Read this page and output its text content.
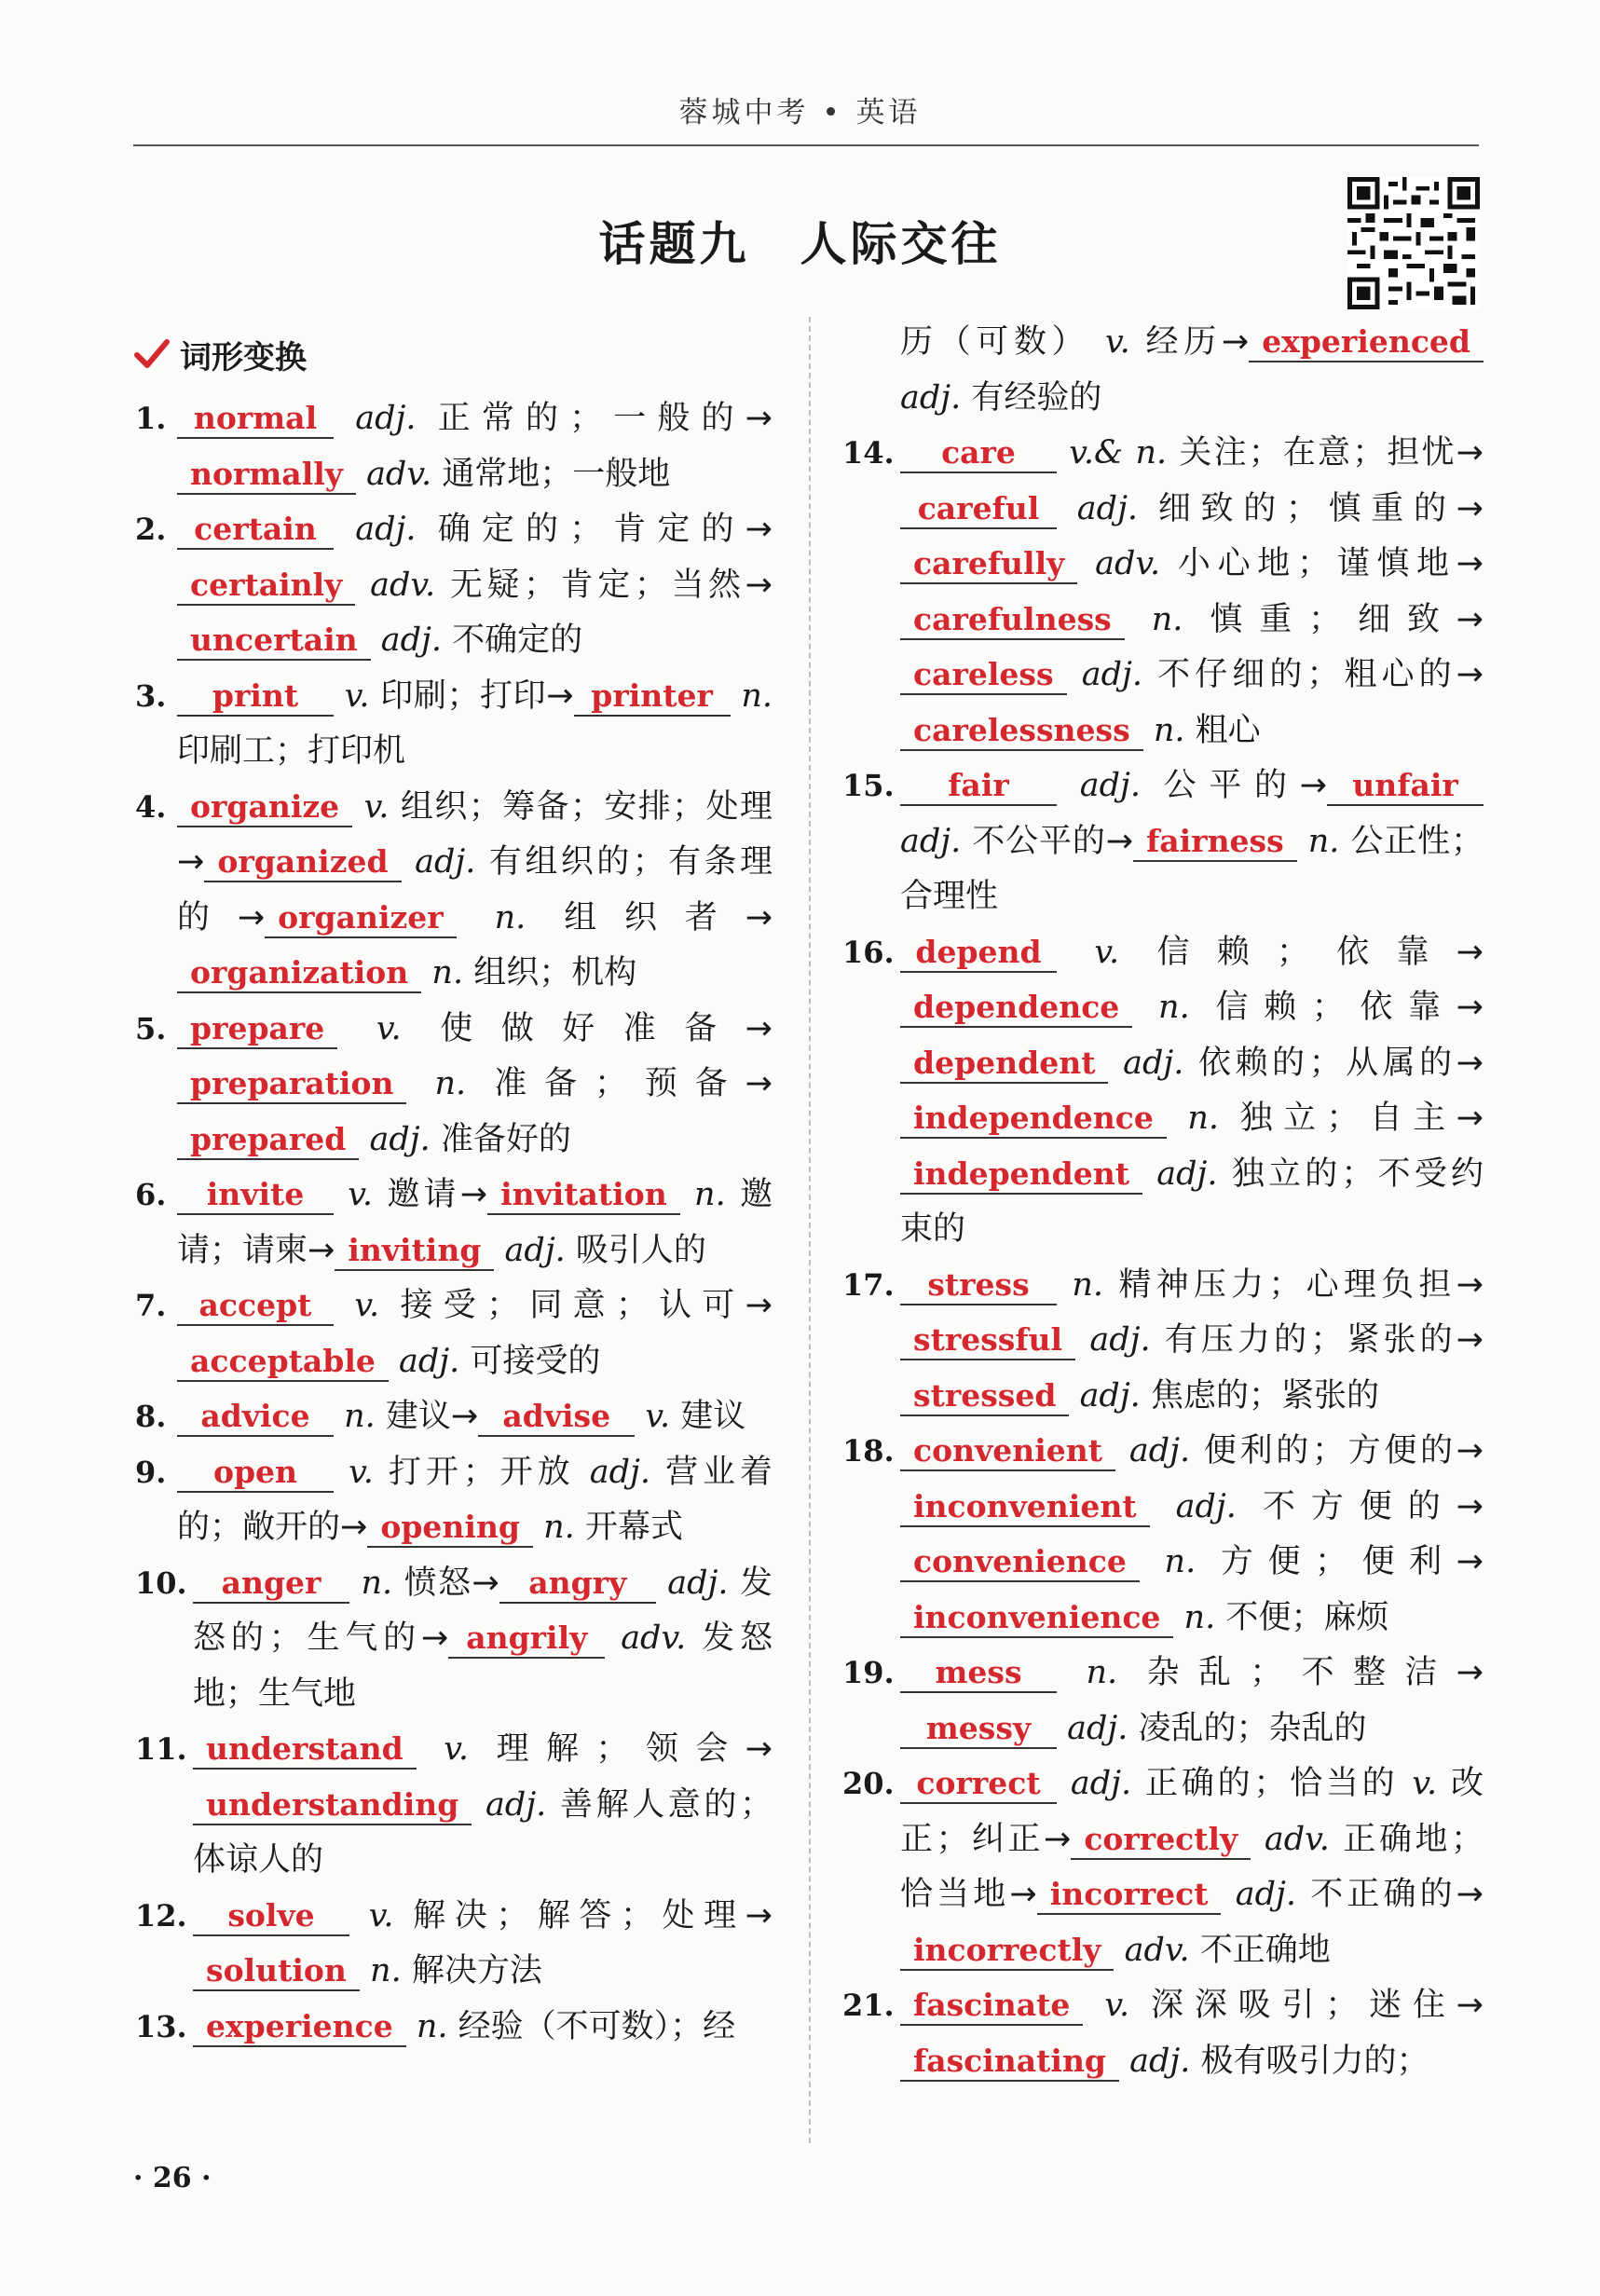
蓉城中考 • 英语
话题九　人际交往
词形变换
1. normal adj. 正常的；一般的→normally adv. 通常地；一般地
2. certain adj. 确定的；肯定的→certainly adv. 无疑；肯定；当然→uncertain adj. 不确定的
3. print v. 印刷；打印→ printer n. 印刷工；打印机
4. organize v. 组织；筹备；安排；处理→ organized adj. 有组织的；有条理的→ organizer n. 组织者→organization n. 组织；机构
5. prepare v. 使做好准备→preparation n. 准备；预备→prepared adj. 准备好的
6. invite v. 邀请→ invitation n. 邀请；请柬→ inviting adj. 吸引人的
7. accept v. 接受；同意；认可→acceptable adj. 可接受的
8. advice n. 建议→ advise v. 建议
9. open v. 打开；开放 adj. 营业着的；敞开的→ opening n. 开幕式
10. anger n. 愤怒→ angry adj. 发怒的；生气的→ angrily adv. 发怒地；生气地
11. understand v. 理解；领会→understanding adj. 善解人意的；体谅人的
12. solve v. 解决；解答；处理→solution n. 解决方法
13. experience n. 经验（不可数）；经
历（可数） v. 经历→ experienced adj. 有经验的
14. care v.& n. 关注；在意；担忧→careful adj. 细致的；慎重的→carefully adv. 小心地；谨慎地→carefulness n. 慎重；细致→careless adj. 不仔细的；粗心的→carelessness n. 粗心
15. fair adj. 公平的→ unfair adj. 不公平的→ fairness n. 公正性；合理性
16. depend v. 信赖；依靠→dependence n. 信赖；依靠→dependent adj. 依赖的；从属的→independence n. 独立；自主→independent adj. 独立的；不受约束的
17. stress n. 精神压力；心理负担→stressful adj. 有压力的；紧张的→stressed adj. 焦虑的；紧张的
18. convenient adj. 便利的；方便的→inconvenient adj. 不方便的→convenience n. 方便；便利→inconvenience n. 不便；麻烦
19. mess n. 杂乱；不整洁→messy adj. 凌乱的；杂乱的
20. correct adj. 正确的；恰当的 v. 改正；纠正→ correctly adv. 正确地；恰当地→ incorrect adj. 不正确的→incorrectly adv. 不正确地
21. fascinate v. 深深吸引；迷住→fascinating adj. 极有吸引力的；
· 26 ·
